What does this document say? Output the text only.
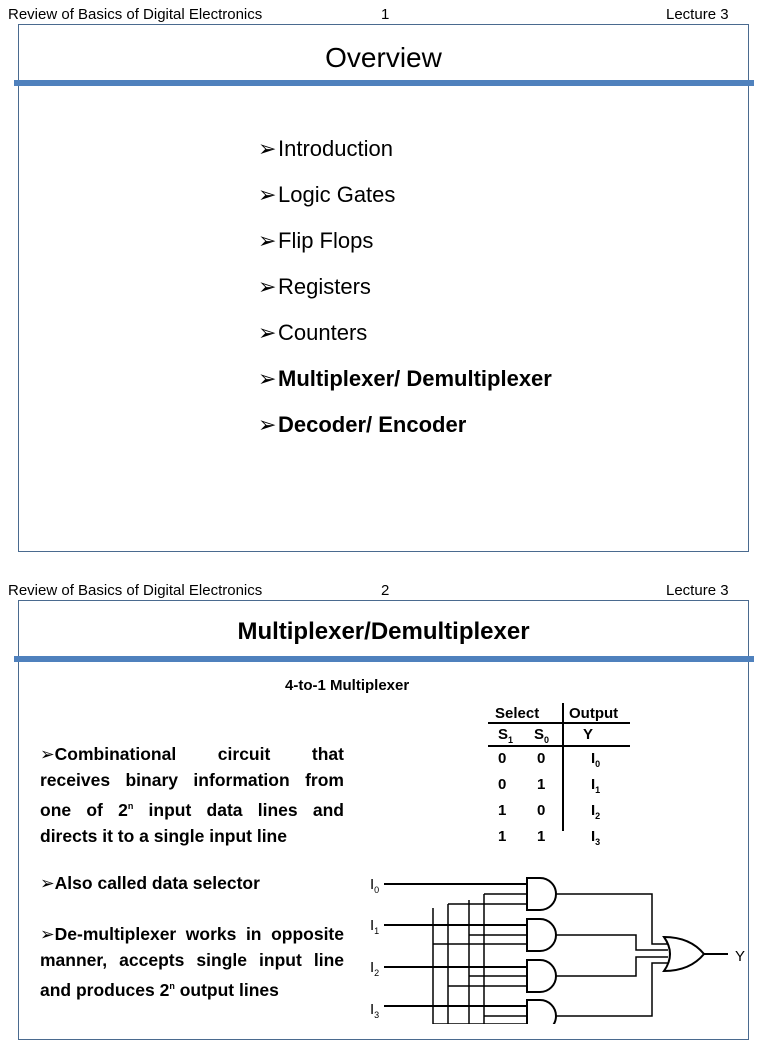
Review of Basics of Digital Electronics	1	Lecture 3
Overview
➢Introduction
➢Logic Gates
➢Flip Flops
➢Registers
➢Counters
➢Multiplexer/ Demultiplexer
➢Decoder/ Encoder
Review of Basics of Digital Electronics	2	Lecture 3
Multiplexer/Demultiplexer
4-to-1 Multiplexer
➢Combinational circuit that receives binary information from one of 2$^n$ input data lines and directs it to a single input line
➢Also called data selector
➢De-multiplexer works in opposite manner, accepts single input line and produces 2$^n$ output lines
Select Output
$S_1$ $S_0$ Y
0 0	$I_0$
0 1	$I_1$
1 0	$I_2$
1 1	$I_3$
$I_0$
$I_1$
$I_2$
$I_3$
Y
